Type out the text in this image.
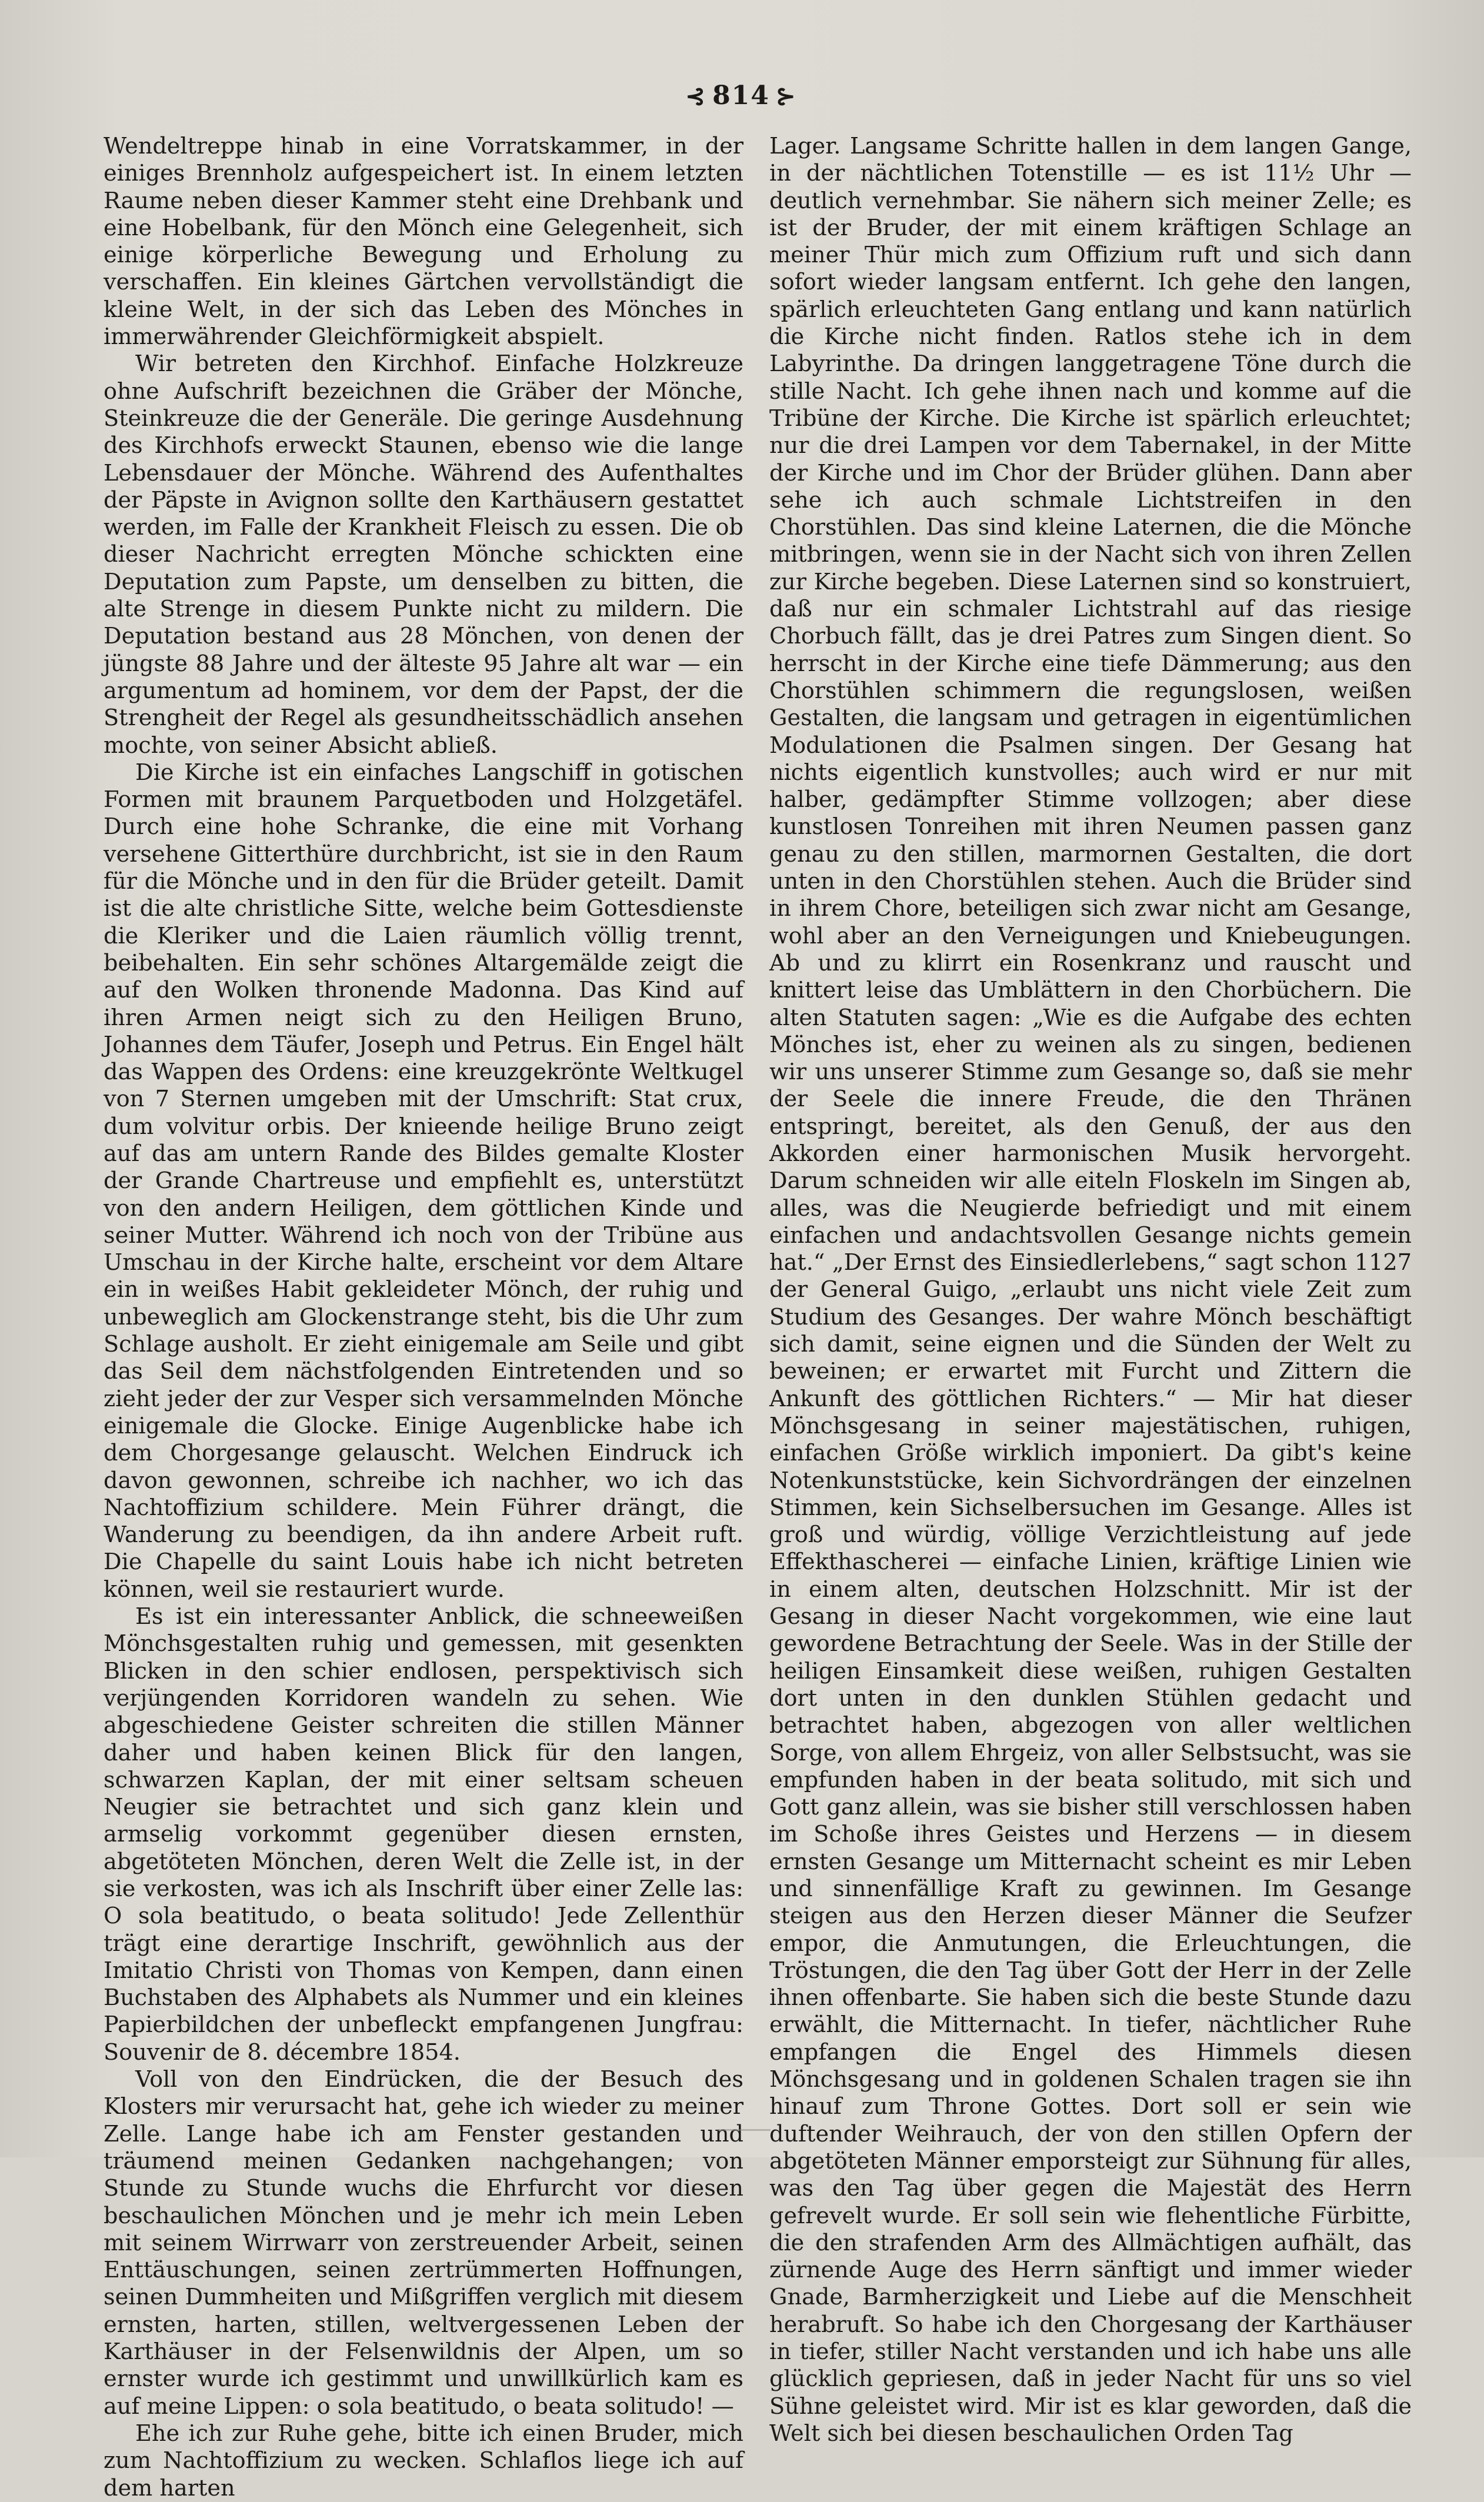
⊰ 814 ⊱

Wendeltreppe hinab in eine Vorratskammer, in der einiges Brennholz aufgespeichert ist. In einem letzten Raume neben dieser Kammer steht eine Drehbank und eine Hobelbank, für den Mönch eine Gelegenheit, sich einige körperliche Bewegung und Erholung zu verschaffen. Ein kleines Gärtchen vervollständigt die kleine Welt, in der sich das Leben des Mönches in immerwährender Gleichförmigkeit abspielt.

Wir betreten den Kirchhof. Einfache Holzkreuze ohne Aufschrift bezeichnen die Gräber der Mönche, Steinkreuze die der Generäle. Die geringe Ausdehnung des Kirchhofs erweckt Staunen, ebenso wie die lange Lebensdauer der Mönche. Während des Aufenthaltes der Päpste in Avignon sollte den Karthäusern gestattet werden, im Falle der Krankheit Fleisch zu essen. Die ob dieser Nachricht erregten Mönche schickten eine Deputation zum Papste, um denselben zu bitten, die alte Strenge in diesem Punkte nicht zu mildern. Die Deputation bestand aus 28 Mönchen, von denen der jüngste 88 Jahre und der älteste 95 Jahre alt war — ein argumentum ad hominem, vor dem der Papst, der die Strengheit der Regel als gesundheitsschädlich ansehen mochte, von seiner Absicht abließ.

Die Kirche ist ein einfaches Langschiff in gotischen Formen mit braunem Parquetboden und Holzgetäfel. Durch eine hohe Schranke, die eine mit Vorhang versehene Gitterthüre durchbricht, ist sie in den Raum für die Mönche und in den für die Brüder geteilt. Damit ist die alte christliche Sitte, welche beim Gottesdienste die Kleriker und die Laien räumlich völlig trennt, beibehalten. Ein sehr schönes Altargemälde zeigt die auf den Wolken thronende Madonna. Das Kind auf ihren Armen neigt sich zu den Heiligen Bruno, Johannes dem Täufer, Joseph und Petrus. Ein Engel hält das Wappen des Ordens: eine kreuzgekrönte Weltkugel von 7 Sternen umgeben mit der Umschrift: Stat crux, dum volvitur orbis. Der knieende heilige Bruno zeigt auf das am untern Rande des Bildes gemalte Kloster der Grande Chartreuse und empfiehlt es, unterstützt von den andern Heiligen, dem göttlichen Kinde und seiner Mutter. Während ich noch von der Tribüne aus Umschau in der Kirche halte, erscheint vor dem Altare ein in weißes Habit gekleideter Mönch, der ruhig und unbeweglich am Glockenstrange steht, bis die Uhr zum Schlage ausholt. Er zieht einigemale am Seile und gibt das Seil dem nächstfolgenden Eintretenden und so zieht jeder der zur Vesper sich versammelnden Mönche einigemale die Glocke. Einige Augenblicke habe ich dem Chorgesange gelauscht. Welchen Eindruck ich davon gewonnen, schreibe ich nachher, wo ich das Nachtoffizium schildere. Mein Führer drängt, die Wanderung zu beendigen, da ihn andere Arbeit ruft. Die Chapelle du saint Louis habe ich nicht betreten können, weil sie restauriert wurde.

Es ist ein interessanter Anblick, die schneeweißen Mönchsgestalten ruhig und gemessen, mit gesenkten Blicken in den schier endlosen, perspektivisch sich verjüngenden Korridoren wandeln zu sehen. Wie abgeschiedene Geister schreiten die stillen Männer daher und haben keinen Blick für den langen, schwarzen Kaplan, der mit einer seltsam scheuen Neugier sie betrachtet und sich ganz klein und armselig vorkommt gegenüber diesen ernsten, abgetöteten Mönchen, deren Welt die Zelle ist, in der sie verkosten, was ich als Inschrift über einer Zelle las: O sola beatitudo, o beata solitudo! Jede Zellenthür trägt eine derartige Inschrift, gewöhnlich aus der Imitatio Christi von Thomas von Kempen, dann einen Buchstaben des Alphabets als Nummer und ein kleines Papierbildchen der unbefleckt empfangenen Jungfrau: Souvenir de 8. décembre 1854.

Voll von den Eindrücken, die der Besuch des Klosters mir verursacht hat, gehe ich wieder zu meiner Zelle. Lange habe ich am Fenster gestanden und träumend meinen Gedanken nachgehangen; von Stunde zu Stunde wuchs die Ehrfurcht vor diesen beschaulichen Mönchen und je mehr ich mein Leben mit seinem Wirrwarr von zerstreuender Arbeit, seinen Enttäuschungen, seinen zertrümmerten Hoffnungen, seinen Dummheiten und Mißgriffen verglich mit diesem ernsten, harten, stillen, weltvergessenen Leben der Karthäuser in der Felsenwildnis der Alpen, um so ernster wurde ich gestimmt und unwillkürlich kam es auf meine Lippen: o sola beatitudo, o beata solitudo! —

Ehe ich zur Ruhe gehe, bitte ich einen Bruder, mich zum Nachtoffizium zu wecken. Schlaflos liege ich auf dem harten

Lager. Langsame Schritte hallen in dem langen Gange, in der nächtlichen Totenstille — es ist 11½ Uhr — deutlich vernehmbar. Sie nähern sich meiner Zelle; es ist der Bruder, der mit einem kräftigen Schlage an meiner Thür mich zum Offizium ruft und sich dann sofort wieder langsam entfernt. Ich gehe den langen, spärlich erleuchteten Gang entlang und kann natürlich die Kirche nicht finden. Ratlos stehe ich in dem Labyrinthe. Da dringen langgetragene Töne durch die stille Nacht. Ich gehe ihnen nach und komme auf die Tribüne der Kirche. Die Kirche ist spärlich erleuchtet; nur die drei Lampen vor dem Tabernakel, in der Mitte der Kirche und im Chor der Brüder glühen. Dann aber sehe ich auch schmale Lichtstreifen in den Chorstühlen. Das sind kleine Laternen, die die Mönche mitbringen, wenn sie in der Nacht sich von ihren Zellen zur Kirche begeben. Diese Laternen sind so konstruiert, daß nur ein schmaler Lichtstrahl auf das riesige Chorbuch fällt, das je drei Patres zum Singen dient. So herrscht in der Kirche eine tiefe Dämmerung; aus den Chorstühlen schimmern die regungslosen, weißen Gestalten, die langsam und getragen in eigentümlichen Modulationen die Psalmen singen. Der Gesang hat nichts eigentlich kunstvolles; auch wird er nur mit halber, gedämpfter Stimme vollzogen; aber diese kunstlosen Tonreihen mit ihren Neumen passen ganz genau zu den stillen, marmornen Gestalten, die dort unten in den Chorstühlen stehen. Auch die Brüder sind in ihrem Chore, beteiligen sich zwar nicht am Gesange, wohl aber an den Verneigungen und Kniebeugungen. Ab und zu klirrt ein Rosenkranz und rauscht und knittert leise das Umblättern in den Chorbüchern. Die alten Statuten sagen: „Wie es die Aufgabe des echten Mönches ist, eher zu weinen als zu singen, bedienen wir uns unserer Stimme zum Gesange so, daß sie mehr der Seele die innere Freude, die den Thränen entspringt, bereitet, als den Genuß, der aus den Akkorden einer harmonischen Musik hervorgeht. Darum schneiden wir alle eiteln Floskeln im Singen ab, alles, was die Neugierde befriedigt und mit einem einfachen und andachtsvollen Gesange nichts gemein hat.“ „Der Ernst des Einsiedlerlebens,“ sagt schon 1127 der General Guigo, „erlaubt uns nicht viele Zeit zum Studium des Gesanges. Der wahre Mönch beschäftigt sich damit, seine eignen und die Sünden der Welt zu beweinen; er erwartet mit Furcht und Zittern die Ankunft des göttlichen Richters.“ — Mir hat dieser Mönchsgesang in seiner majestätischen, ruhigen, einfachen Größe wirklich imponiert. Da gibt's keine Notenkunststücke, kein Sichvordrängen der einzelnen Stimmen, kein Sichselbersuchen im Gesange. Alles ist groß und würdig, völlige Verzichtleistung auf jede Effekthascherei — einfache Linien, kräftige Linien wie in einem alten, deutschen Holzschnitt. Mir ist der Gesang in dieser Nacht vorgekommen, wie eine laut gewordene Betrachtung der Seele. Was in der Stille der heiligen Einsamkeit diese weißen, ruhigen Gestalten dort unten in den dunklen Stühlen gedacht und betrachtet haben, abgezogen von aller weltlichen Sorge, von allem Ehrgeiz, von aller Selbstsucht, was sie empfunden haben in der beata solitudo, mit sich und Gott ganz allein, was sie bisher still verschlossen haben im Schoße ihres Geistes und Herzens — in diesem ernsten Gesange um Mitternacht scheint es mir Leben und sinnenfällige Kraft zu gewinnen. Im Gesange steigen aus den Herzen dieser Männer die Seufzer empor, die Anmutungen, die Erleuchtungen, die Tröstungen, die den Tag über Gott der Herr in der Zelle ihnen offenbarte. Sie haben sich die beste Stunde dazu erwählt, die Mitternacht. In tiefer, nächtlicher Ruhe empfangen die Engel des Himmels diesen Mönchsgesang und in goldenen Schalen tragen sie ihn hinauf zum Throne Gottes. Dort soll er sein wie duftender Weihrauch, der von den stillen Opfern der abgetöteten Männer emporsteigt zur Sühnung für alles, was den Tag über gegen die Majestät des Herrn gefrevelt wurde. Er soll sein wie flehentliche Fürbitte, die den strafenden Arm des Allmächtigen aufhält, das zürnende Auge des Herrn sänftigt und immer wieder Gnade, Barmherzigkeit und Liebe auf die Menschheit herabruft. So habe ich den Chorgesang der Karthäuser in tiefer, stiller Nacht verstanden und ich habe uns alle glücklich gepriesen, daß in jeder Nacht für uns so viel Sühne geleistet wird. Mir ist es klar geworden, daß die Welt sich bei diesen beschaulichen Orden Tag
